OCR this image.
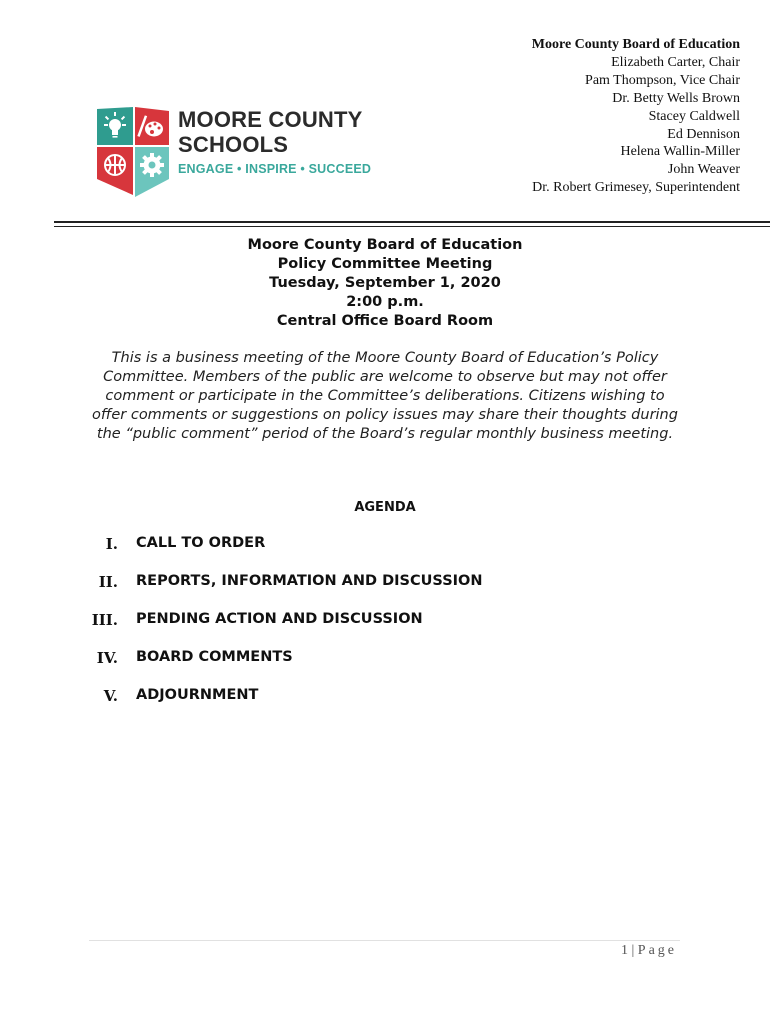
Moore County Board of Education
Elizabeth Carter, Chair
Pam Thompson, Vice Chair
Dr. Betty Wells Brown
Stacey Caldwell
Ed Dennison
Helena Wallin-Miller
John Weaver
Dr. Robert Grimesey, Superintendent
MOORE COUNTY
SCHOOLS
ENGAGE • INSPIRE • SUCCEED
Moore County Board of Education
Policy Committee Meeting
Tuesday, September 1, 2020
2:00 p.m.
Central Office Board Room
This is a business meeting of the Moore County Board of Education’s Policy Committee. Members of the public are welcome to observe but may not offer comment or participate in the Committee’s deliberations. Citizens wishing to offer comments or suggestions on policy issues may share their thoughts during the “public comment” period of the Board’s regular monthly business meeting.
AGENDA
I. CALL TO ORDER
II. REPORTS, INFORMATION AND DISCUSSION
III. PENDING ACTION AND DISCUSSION
IV. BOARD COMMENTS
V. ADJOURNMENT
1 | Page
